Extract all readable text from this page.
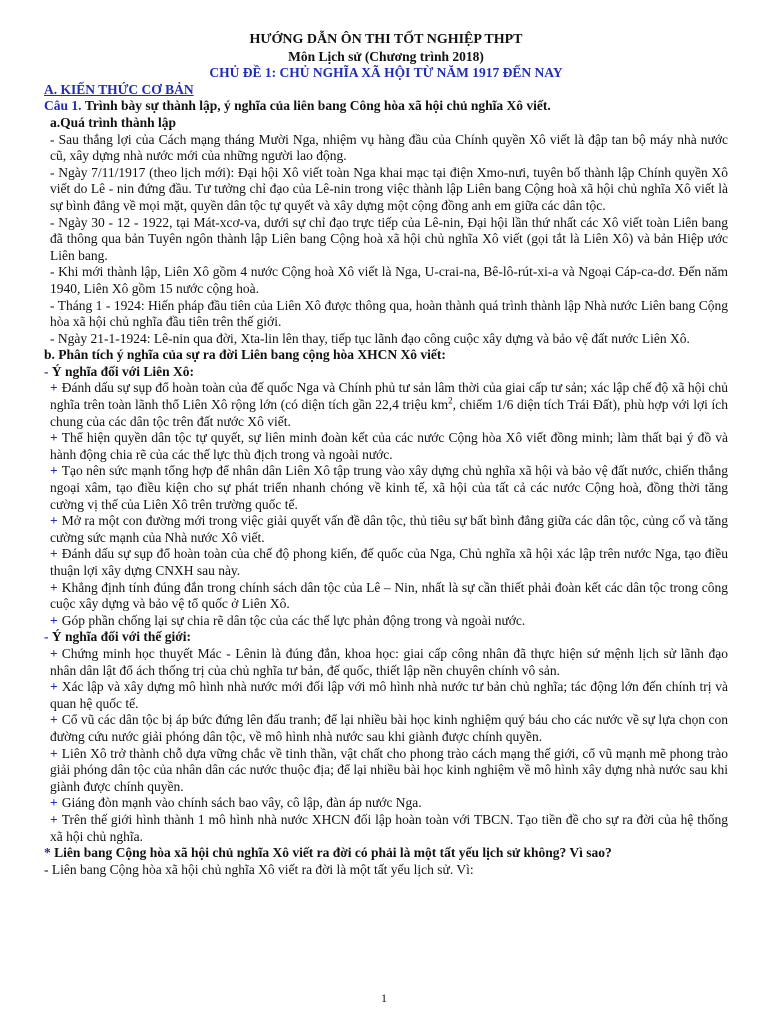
HƯỚNG DẪN ÔN THI TỐT NGHIỆP THPT
Môn Lịch sử (Chương trình 2018)
CHỦ ĐỀ 1: CHỦ NGHĨA XÃ HỘI TỪ NĂM 1917 ĐẾN NAY
A. KIẾN THỨC CƠ BẢN
Câu 1. Trình bày sự thành lập, ý nghĩa của liên bang Công hòa xã hội chủ nghĩa Xô viết.
a.Quá trình thành lập

- Sau thắng lợi của Cách mạng tháng Mười Nga, nhiệm vụ hàng đầu của Chính quyền Xô viết là đập tan bộ máy nhà nước cũ, xây dựng nhà nước mới của những người lao động.

- Ngày 7/11/1917 (theo lịch mới): Đại hội Xô viết toàn Nga khai mạc tại điện Xmo-nưi, tuyên bố thành lập Chính quyền Xô viết do Lê - nin đứng đầu. Tư tưởng chỉ đạo của Lê-nin trong việc thành lập Liên bang Cộng hoà xã hội chủ nghĩa Xô viết là sự bình đẳng về mọi mặt, quyền dân tộc tự quyết và xây dựng một cộng đồng anh em giữa các dân tộc.

- Ngày 30 - 12 - 1922, tại Mát-xcơ-va, dưới sự chỉ đạo trực tiếp của Lê-nin, Đại hội lần thứ nhất các Xô viết toàn Liên bang đã thông qua bản Tuyên ngôn thành lập Liên bang Cộng hoà xã hội chủ nghĩa Xô viết (gọi tắt là Liên Xô) và bản Hiệp ước Liên bang.

- Khi mới thành lập, Liên Xô gồm 4 nước Cộng hoà Xô viết là Nga, U-crai-na, Bê-lô-rút-xi-a và Ngoại Cáp-ca-dơ. Đến năm 1940, Liên Xô gồm 15 nước cộng hoà.

- Tháng 1 - 1924: Hiến pháp đầu tiên của Liên Xô được thông qua, hoàn thành quá trình thành lập Nhà nước Liên bang Cộng hòa xã hội chủ nghĩa đầu tiên trên thế giới.

- Ngày 21-1-1924: Lê-nin qua đời, Xta-lin lên thay, tiếp tục lãnh đạo công cuộc xây dựng và bảo vệ đất nước Liên Xô.

b. Phân tích ý nghĩa của sự ra đời Liên bang cộng hòa XHCN Xô viết:
- Ý nghĩa đối với Liên Xô:

+ Đánh dấu sự sụp đổ hoàn toàn của đế quốc Nga và Chính phủ tư sản lâm thời của giai cấp tư sản; xác lập chế độ xã hội chủ nghĩa trên toàn lãnh thổ Liên Xô rộng lớn (có diện tích gần 22,4 triệu $km^2$, chiếm 1/6 diện tích Trái Đất), phù hợp với lợi ích chung của các dân tộc trên đất nước Xô viết.

+ Thể hiện quyền dân tộc tự quyết, sự liên minh đoàn kết của các nước Cộng hòa Xô viết đồng minh; làm thất bại ý đồ và hành động chia rẽ của các thế lực thù địch trong và ngoài nước.

+ Tạo nên sức mạnh tổng hợp để nhân dân Liên Xô tập trung vào xây dựng chủ nghĩa xã hội và bảo vệ đất nước, chiến thắng ngoại xâm, tạo điều kiện cho sự phát triển nhanh chóng về kinh tế, xã hội của tất cả các nước Cộng hoà, đồng thời tăng cường vị thế của Liên Xô trên trường quốc tế.

+ Mở ra một con đường mới trong việc giải quyết vấn đề dân tộc, thủ tiêu sự bất bình đẳng giữa các dân tộc, củng cố và tăng cường sức mạnh của Nhà nước Xô viết.

+ Đánh dấu sự sụp đổ hoàn toàn của chế độ phong kiến, đế quốc của Nga, Chủ nghĩa xã hội xác lập trên nước Nga, tạo điều thuận lợi xây dựng CNXH sau này.

+ Khẳng định tính đúng đắn trong chính sách dân tộc của Lê – Nin, nhất là sự cần thiết phải đoàn kết các dân tộc trong công cuộc xây dựng và bảo vệ tổ quốc ở Liên Xô.

+ Góp phần chống lại sự chia rẽ dân tộc của các thế lực phản động trong và ngoài nước.

- Ý nghĩa đối với thế giới:

+ Chứng minh học thuyết Mác - Lênin là đúng đắn, khoa học: giai cấp công nhân đã thực hiện sứ mệnh lịch sử lãnh đạo nhân dân lật đổ ách thống trị của chủ nghĩa tư bản, đế quốc, thiết lập nền chuyên chính vô sản.

+ Xác lập và xây dựng mô hình nhà nước mới đối lập với mô hình nhà nước tư bản chủ nghĩa; tác động lớn đến chính trị và quan hệ quốc tế.

+ Cổ vũ các dân tộc bị áp bức đứng lên đấu tranh; để lại nhiều bài học kinh nghiệm quý báu cho các nước về sự lựa chọn con đường cứu nước giải phóng dân tộc, về mô hình nhà nước sau khi giành được chính quyền.

+ Liên Xô trở thành chỗ dựa vững chắc về tinh thần, vật chất cho phong trào cách mạng thế giới, cổ vũ mạnh mẽ phong trào giải phóng dân tộc của nhân dân các nước thuộc địa; để lại nhiều bài học kinh nghiệm về mô hình xây dựng nhà nước sau khi giành được chính quyền.

+ Giáng đòn mạnh vào chính sách bao vây, cô lập, đàn áp nước Nga.

+ Trên thế giới hình thành 1 mô hình nhà nước XHCN đối lập hoàn toàn với TBCN. Tạo tiền đề cho sự ra đời của hệ thống xã hội chủ nghĩa.

* Liên bang Cộng hòa xã hội chủ nghĩa Xô viết ra đời có phải là một tất yếu lịch sử không? Vì sao?

- Liên bang Cộng hòa xã hội chủ nghĩa Xô viết ra đời là một tất yếu lịch sử. Vì:

1
